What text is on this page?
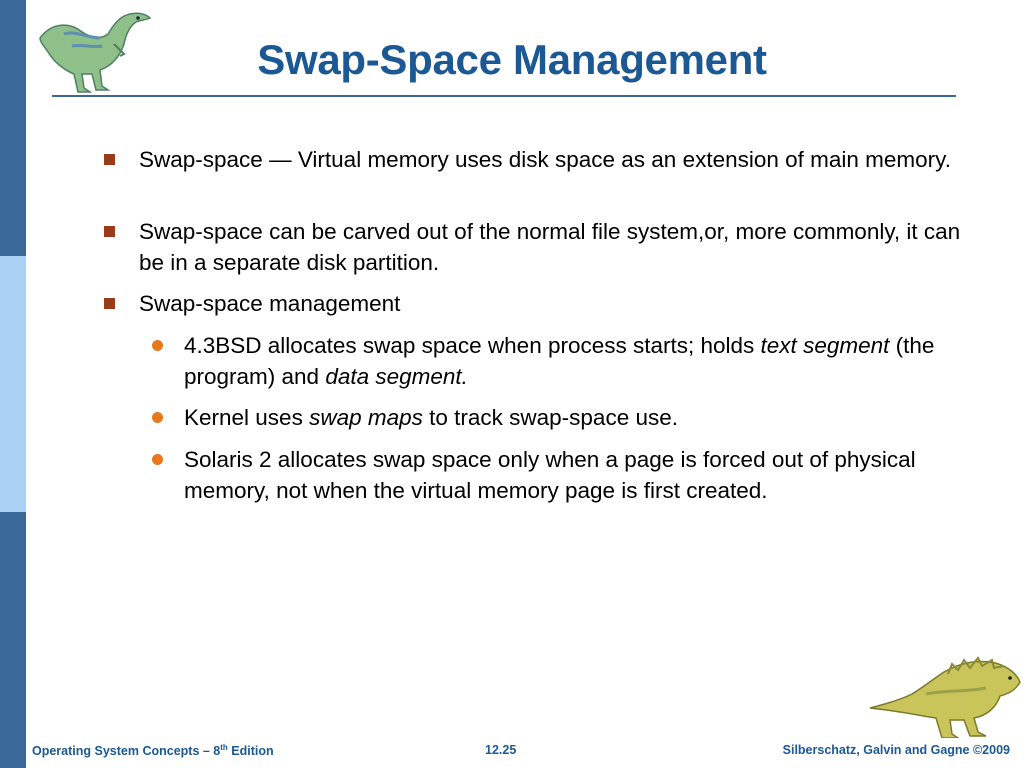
Swap-Space Management
Swap-space — Virtual memory uses disk space as an extension of main memory.
Swap-space can be carved out of the normal file system,or, more commonly, it can be in a separate disk partition.
Swap-space management
4.3BSD allocates swap space when process starts; holds text segment (the program) and data segment.
Kernel uses swap maps to track swap-space use.
Solaris 2 allocates swap space only when a page is forced out of physical memory, not when the virtual memory page is first created.
Operating System Concepts – 8th Edition	12.25	Silberschatz, Galvin and Gagne ©2009
